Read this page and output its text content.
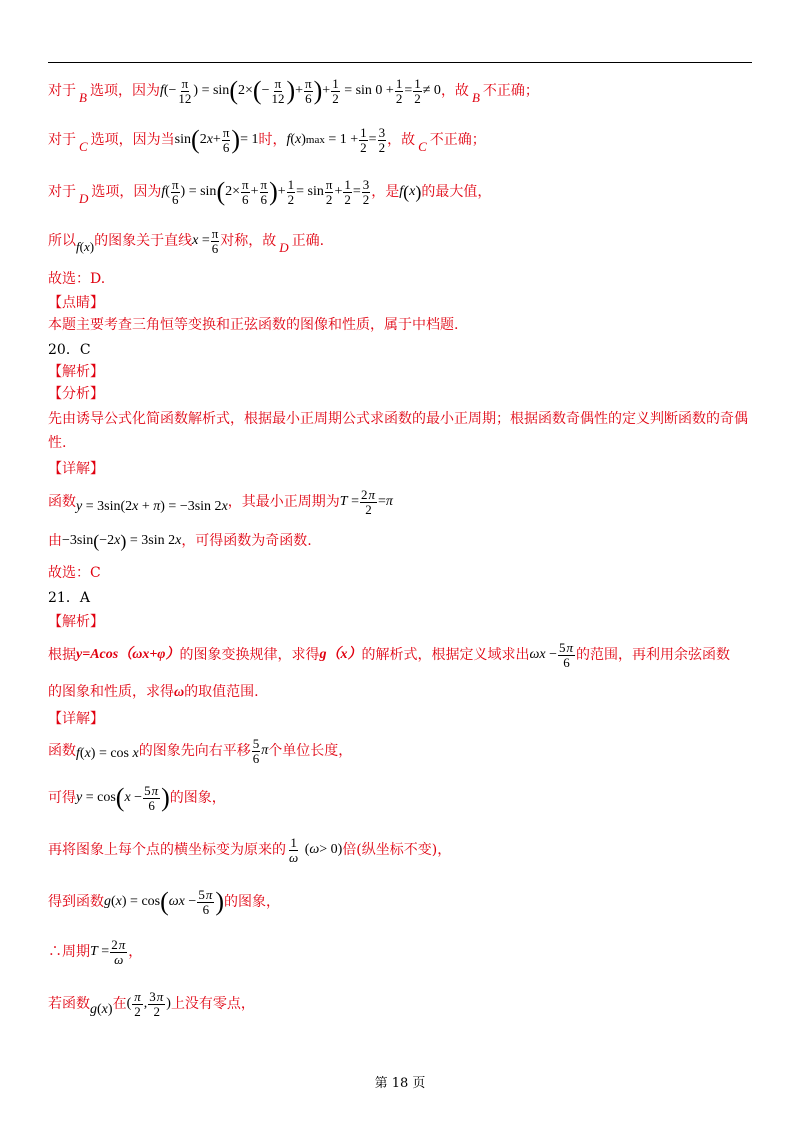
对于 B 选项，因为 f (− $\frac{\pi}{12}$ ) = sin ( 2× ( − $\frac{\pi}{12}$ ) + $\frac{\pi}{6}$ ) + $\frac{1}{2} = \sin 0 + \frac{1}{2} = \frac{1}{2} \ne 0$ ，故 B 不正确；
对于 C 选项，因为当 sin ( 2 $x + \frac{\pi}{6}$ ) = 1 时， f ( x ) $\max = 1 + \frac{1}{2} = \frac{3}{2}$ ，故 C 不正确；
对于 D 选项，因为 f ( $\frac{\pi}{6}$ ) = sin ( $2\times \frac{\pi}{6} + \frac{\pi}{6}$ ) + $\frac{1}{2} = \sin \frac{\pi}{2} + \frac{1}{2} = \frac{3}{2}$ ，是 f(x) 的最大值，
所以 f(x) 的图象关于直线 $x = \frac{\pi}{6}$ 对称，故 D 正确.
故选：D.
【点睛】
本题主要考查三角恒等变换和正弦函数的图像和性质，属于中档题.
20．C
【解析】
【分析】
先由诱导公式化简函数解析式，根据最小正周期公式求函数的最小正周期；根据函数奇偶性的定义判断函数的奇偶性.
【详解】
函数 y = 3sin(2x + π) = −3sin 2x ，其最小正周期为 $T = \frac{2\pi}{2} = \pi$
由 −3sin(−2x) = 3sin 2x ，可得函数为奇函数.
故选：C
21．A
【解析】
根据 y=Acos（ωx+φ） 的图象变换规律，求得 g（x） 的解析式，根据定义域求出 $\omega x - \frac{5\pi}{6}$ 的范围，再利用余弦函数
的图象和性质，求得ω的取值范围.
【详解】
函数 f(x) = cos x 的图象先向右平移 $\frac{5}{6}$ π 个单位长度，
可得 y = cos ( $x - \frac{5\pi}{6}$ ) 的图象，
再将图象上每个点的横坐标变为原来的 $\frac{1}{\omega}$ ( ω > 0) 倍(纵坐标不变)，
得到函数 g ( x ) = cos ( $\omega x - \frac{5\pi}{6}$ ) 的图象，
∴周期 $T = \frac{2\pi}{\omega}$ ，
若函数 g(x) 在 ( $\frac{\pi}{2}$ , $\frac{3\pi}{2}$ ) 上没有零点，
第 18 页
